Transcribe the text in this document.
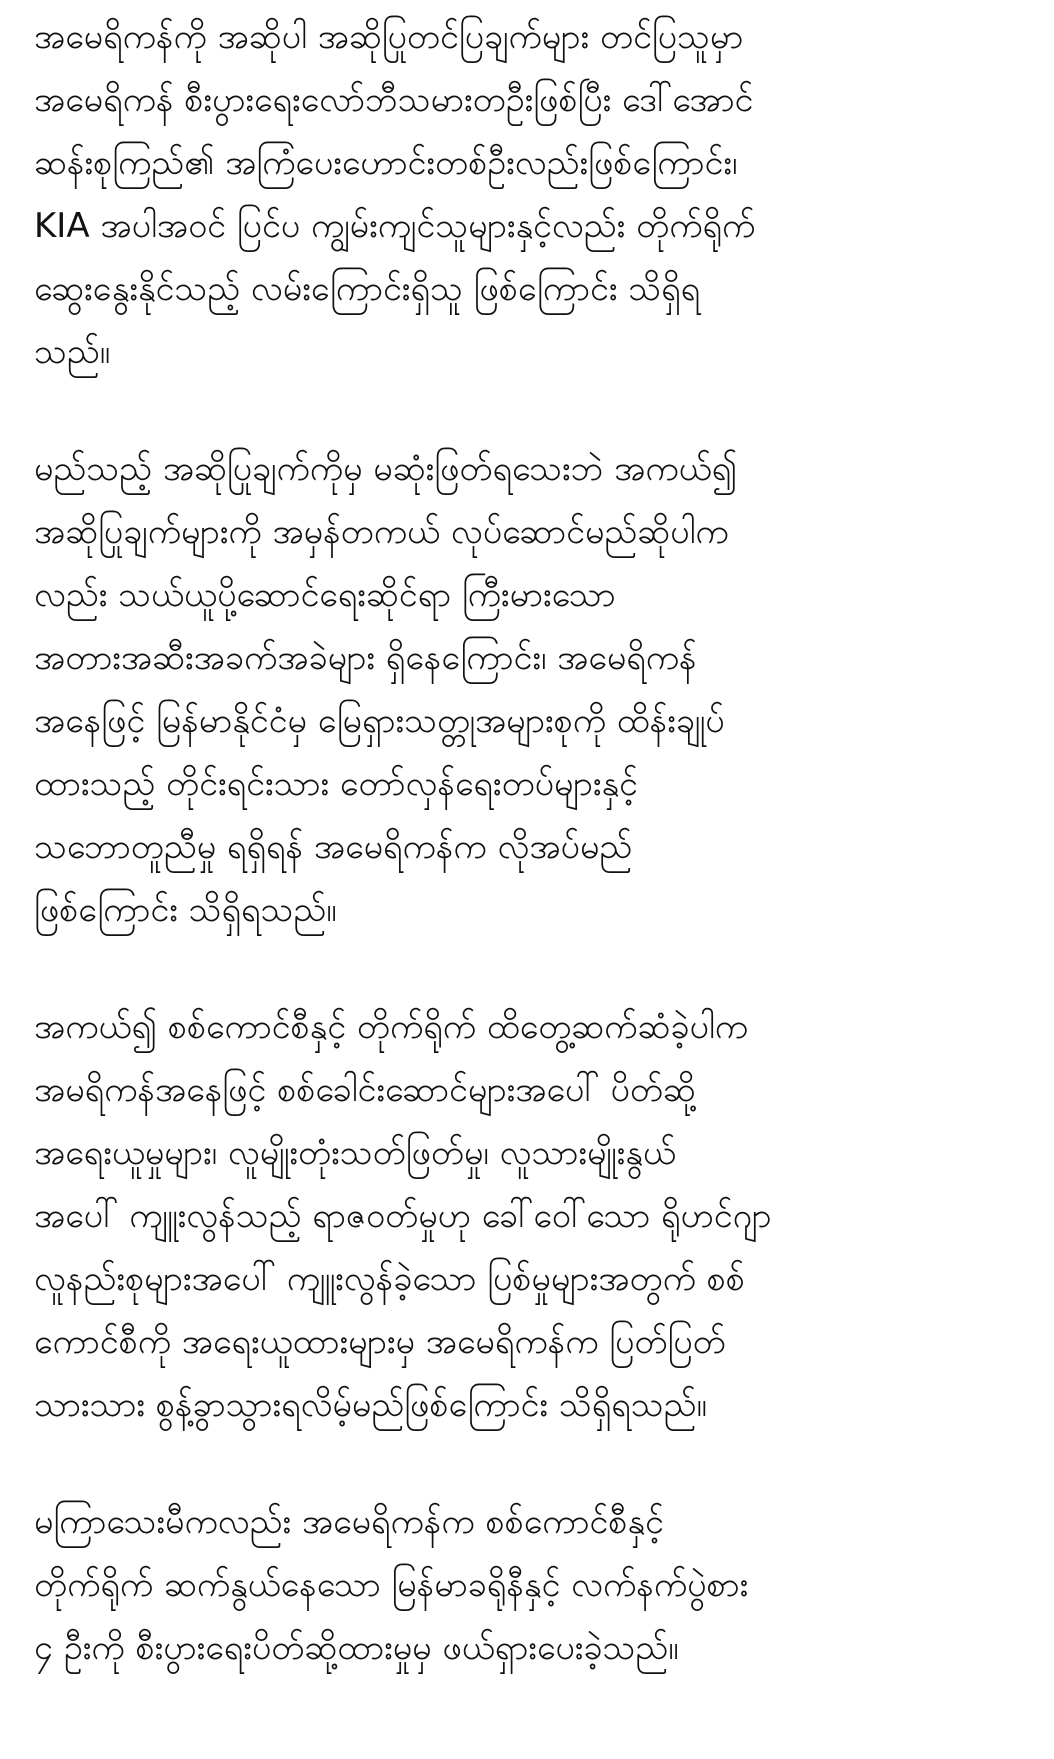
အမေရိကန်ကို အဆိုပါ အဆိုပြုတင်ပြချက်များ တင်ပြသူမှာ
အမေရိကန် စီးပွားရေးလော်ဘီသမားတဦးဖြစ်ပြီး ဒေါ်အောင်
ဆန်းစုကြည်၏ အကြံပေးဟောင်းတစ်ဦးလည်းဖြစ်ကြောင်း၊
KIA အပါအဝင် ပြင်ပ ကျွမ်းကျင်သူများနှင့်လည်း တိုက်ရိုက်
ဆွေးနွေးနိုင်သည့် လမ်းကြောင်းရှိသူ ဖြစ်ကြောင်း သိရှိရ
သည်။
မည်သည့် အဆိုပြုချက်ကိုမှ မဆုံးဖြတ်ရသေးဘဲ အကယ်၍
အဆိုပြုချက်များကို အမှန်တကယ် လုပ်ဆောင်မည်ဆိုပါက
လည်း သယ်ယူပို့ဆောင်ရေးဆိုင်ရာ ကြီးမားသော
အတားအဆီးအခက်အခဲများ ရှိနေကြောင်း၊ အမေရိကန်
အနေဖြင့် မြန်မာနိုင်ငံမှ မြေရှားသတ္တုအများစုကို ထိန်းချုပ်
ထားသည့် တိုင်းရင်းသား တော်လှန်ရေးတပ်များနှင့်
သဘောတူညီမှု ရရှိရန် အမေရိကန်က လိုအပ်မည်
ဖြစ်ကြောင်း သိရှိရသည်။
အကယ်၍ စစ်ကောင်စီနှင့် တိုက်ရိုက် ထိတွေ့ဆက်ဆံခဲ့ပါက
အမရိကန်အနေဖြင့် စစ်ခေါင်းဆောင်များအပေါ် ပိတ်ဆို့
အရေးယူမှုများ၊ လူမျိုးတုံးသတ်ဖြတ်မှု၊ လူသားမျိုးနွယ်
အပေါ် ကျူးလွန်သည့် ရာဇဝတ်မှုဟု ခေါ်ဝေါ်သော ရိုဟင်ဂျာ
လူနည်းစုများအပေါ် ကျူးလွန်ခဲ့သော ပြစ်မှုများအတွက် စစ်
ကောင်စီကို အရေးယူထားများမှ အမေရိကန်က ပြတ်ပြတ်
သားသား စွန့်ခွာသွားရလိမ့်မည်ဖြစ်ကြောင်း သိရှိရသည်။
မကြာသေးမီကလည်း အမေရိကန်က စစ်ကောင်စီနှင့်
တိုက်ရိုက် ဆက်နွယ်နေသော မြန်မာခရိုနီနှင့် လက်နက်ပွဲစား
၄ ဦးကို စီးပွားရေးပိတ်ဆို့ထားမှုမှ ဖယ်ရှားပေးခဲ့သည်။
